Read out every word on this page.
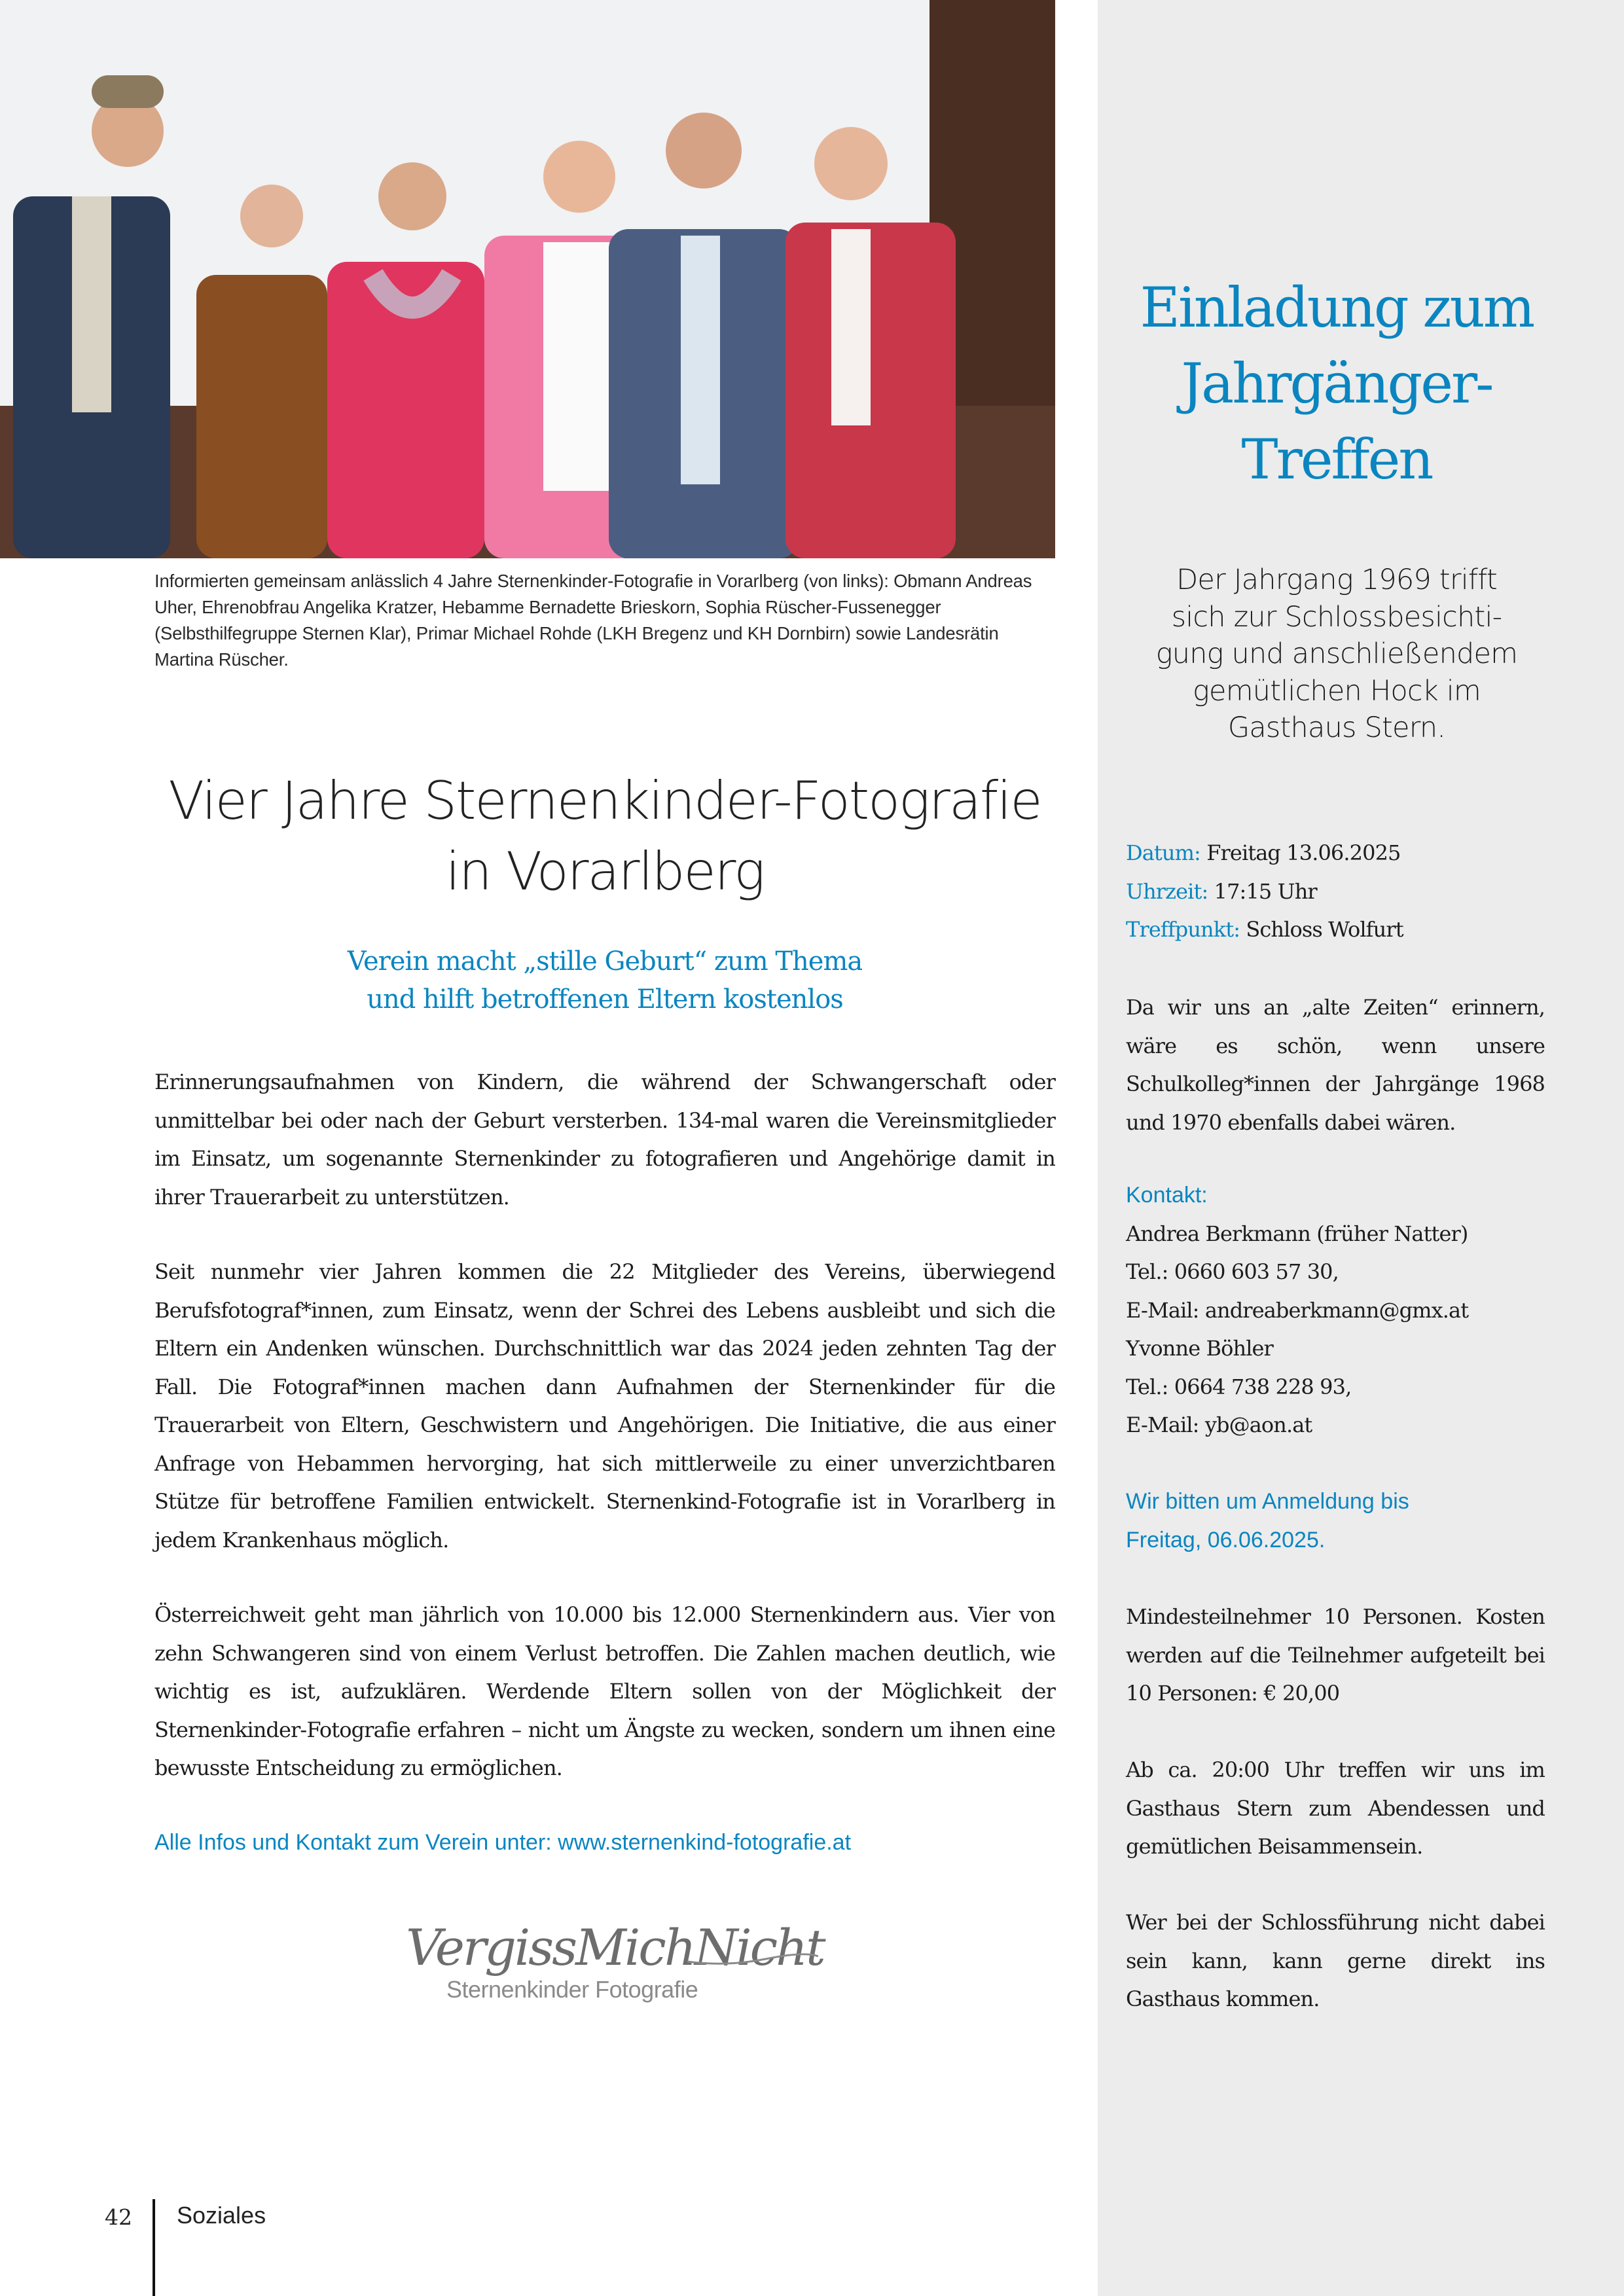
Informierten gemeinsam anlässlich 4 Jahre Sternenkinder-Fotografie in Vorarlberg (von links): Obmann Andreas Uher, Ehrenobfrau Angelika Kratzer, Hebamme Bernadette Brieskorn, Sophia Rüscher-Fussenegger (Selbsthilfegruppe Sternen Klar), Primar Michael Rohde (LKH Bregenz und KH Dornbirn) sowie Landesrätin Martina Rüscher.
Vier Jahre Sternenkinder-Fotografie
in Vorarlberg
Verein macht „stille Geburt“ zum Thema
und hilft betroffenen Eltern kostenlos

Erinnerungsaufnahmen von Kindern, die während der Schwangerschaft oder unmittelbar bei oder nach der Geburt versterben. 134-mal waren die Vereinsmitglieder im Einsatz, um sogenannte Sternenkinder zu fotografieren und Angehörige damit in ihrer Trauerarbeit zu unterstützen.

Seit nunmehr vier Jahren kommen die 22 Mitglieder des Vereins, überwiegend Berufsfotograf*innen, zum Einsatz, wenn der Schrei des Lebens ausbleibt und sich die Eltern ein Andenken wünschen. Durchschnittlich war das 2024 jeden zehnten Tag der Fall. Die Fotograf*innen machen dann Aufnahmen der Sternenkinder für die Trauerarbeit von Eltern, Geschwistern und Angehörigen. Die Initiative, die aus einer Anfrage von Hebammen hervorging, hat sich mittlerweile zu einer unverzichtbaren Stütze für betroffene Familien entwickelt. Sternenkind-Fotografie ist in Vorarlberg in jedem Krankenhaus möglich.

Österreichweit geht man jährlich von 10.000 bis 12.000 Sternenkindern aus. Vier von zehn Schwangeren sind von einem Verlust betroffen. Die Zahlen machen deutlich, wie wichtig es ist, aufzuklären. Werdende Eltern sollen von der Möglichkeit der Sternenkinder-Fotografie erfahren – nicht um Ängste zu wecken, sondern um ihnen eine bewusste Entscheidung zu ermöglichen.

Alle Infos und Kontakt zum Verein unter: www.sternenkind-fotografie.at
VergissMichNicht
Sternenkinder Fotografie
42 Soziales
Einladung zum
Jahrgänger-
Treffen
Der Jahrgang 1969 trifft
sich zur Schlossbesichti-
gung und anschließendem
gemütlichen Hock im
Gasthaus Stern.
Datum: Freitag 13.06.2025
Uhrzeit: 17:15 Uhr
Treffpunkt: Schloss Wolfurt

Da wir uns an „alte Zeiten“ erinnern, wäre es schön, wenn unsere Schulkolleg*innen der Jahrgänge 1968 und 1970 ebenfalls dabei wären.

Kontakt:
Andrea Berkmann (früher Natter)
Tel.: 0660 603 57 30,
E-Mail: andreaberkmann@gmx.at
Yvonne Böhler
Tel.: 0664 738 228 93,
E-Mail: yb@aon.at
Wir bitten um Anmeldung bis
Freitag, 06.06.2025.

Mindesteilnehmer 10 Personen. Kosten werden auf die Teilnehmer aufgeteilt bei 10 Personen: € 20,00

Ab ca. 20:00 Uhr treffen wir uns im Gasthaus Stern zum Abendessen und gemütlichen Beisammensein.

Wer bei der Schlossführung nicht dabei sein kann, kann gerne direkt ins Gasthaus kommen.
